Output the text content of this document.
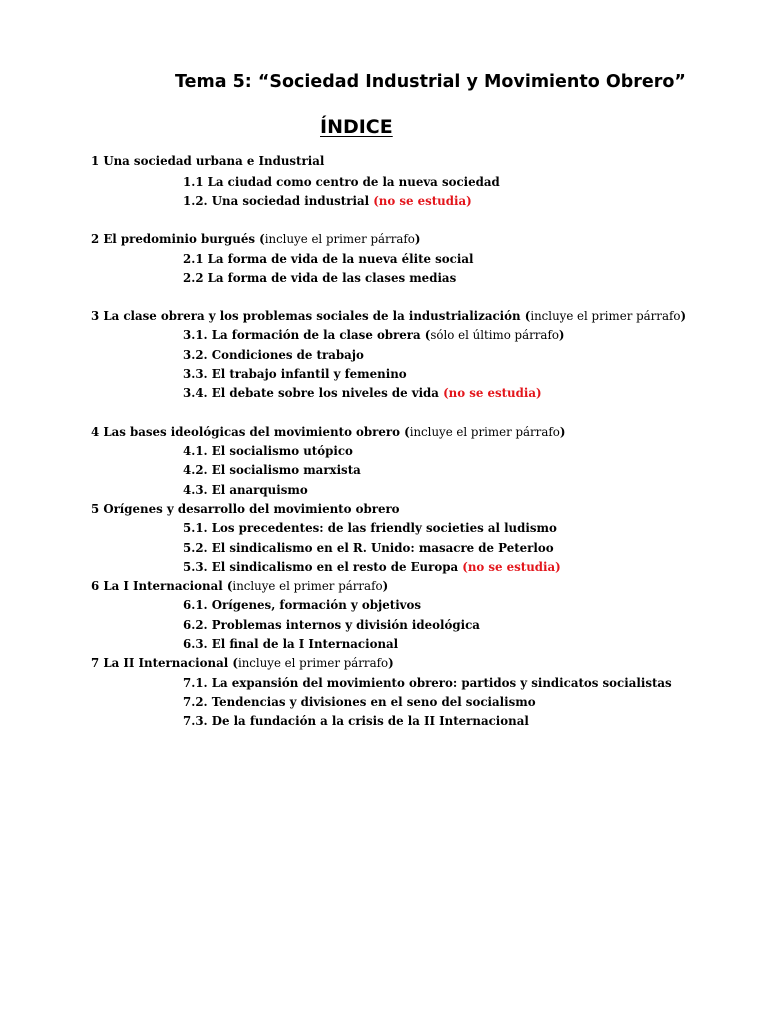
Tema 5: “Sociedad Industrial y Movimiento Obrero”
ÍNDICE
1 Una sociedad urbana e Industrial
1.1 La ciudad como centro de la nueva sociedad
1.2. Una sociedad industrial (no se estudia)
2 El predominio burgués (incluye el primer párrafo)
2.1 La forma de vida de la nueva élite social
2.2 La forma de vida de las clases medias
3 La clase obrera y los problemas sociales de la industrialización (incluye el primer párrafo)
3.1. La formación de la clase obrera (sólo el último párrafo)
3.2. Condiciones de trabajo
3.3. El trabajo infantil y femenino
3.4. El debate sobre los niveles de vida (no se estudia)
4 Las bases ideológicas del movimiento obrero (incluye el primer párrafo)
4.1. El socialismo utópico
4.2. El socialismo marxista
4.3. El anarquismo
5 Orígenes y desarrollo del movimiento obrero
5.1. Los precedentes: de las friendly societies al ludismo
5.2. El sindicalismo en el R. Unido: masacre de Peterloo
5.3. El sindicalismo en el resto de Europa (no se estudia)
6 La I Internacional (incluye el primer párrafo)
6.1. Orígenes, formación y objetivos
6.2. Problemas internos y división ideológica
6.3. El final de la I Internacional
7 La II Internacional (incluye el primer párrafo)
7.1. La expansión del movimiento obrero: partidos y sindicatos socialistas
7.2. Tendencias y divisiones en el seno del socialismo
7.3. De la fundación a la crisis de la II Internacional
